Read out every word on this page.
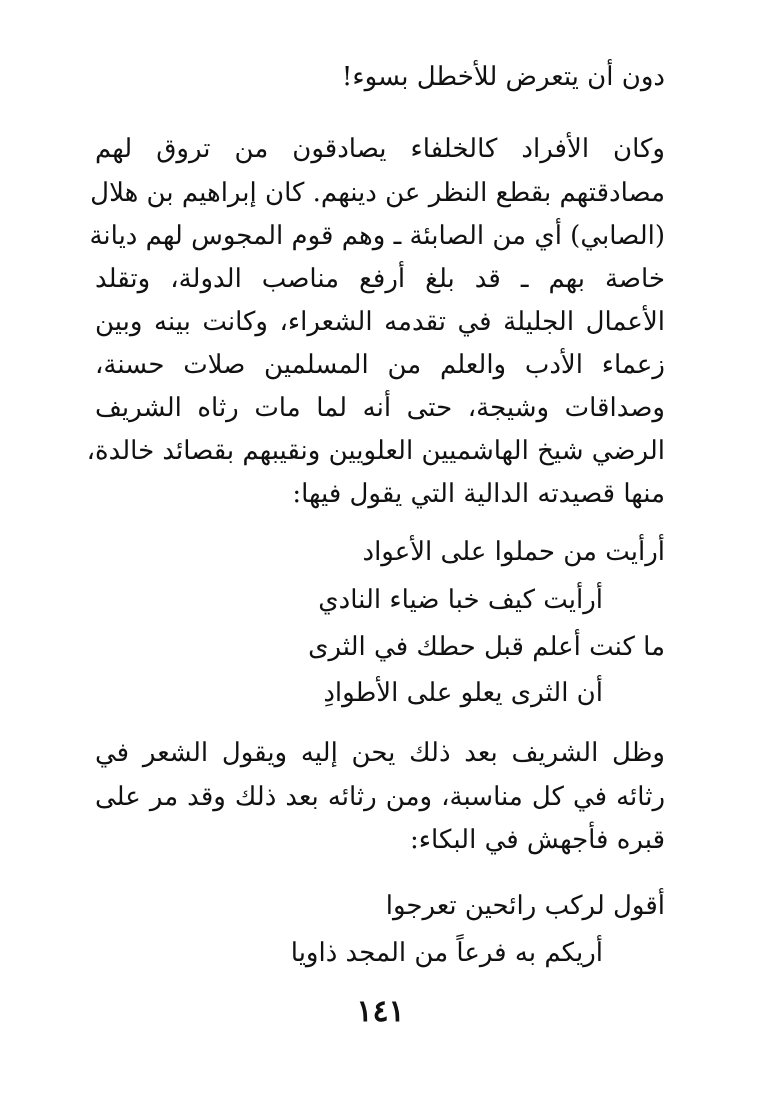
دون أن يتعرض للأخطل بسوء!
وكان الأفراد كالخلفاء يصادقون من تروق لهم
مصادقتهم بقطع النظر عن دينهم. كان إبراهيم بن هلال
(الصابي) أي من الصابئة ـ وهم قوم المجوس لهم ديانة
خاصة بهم ـ قد بلغ أرفع مناصب الدولة، وتقلد
الأعمال الجليلة في تقدمه الشعراء، وكانت بينه وبين
زعماء الأدب والعلم من المسلمين صلات حسنة،
وصداقات وشيجة، حتى أنه لما مات رثاه الشريف
الرضي شيخ الهاشميين العلويين ونقيبهم بقصائد خالدة،
منها قصيدته الدالية التي يقول فيها:
أرأيت من حملوا على الأعواد
أرأيت كيف خبا ضياء النادي
ما كنت أعلم قبل حطك في الثرى
أن الثرى يعلو على الأطوادِ
وظل الشريف بعد ذلك يحن إليه ويقول الشعر في
رثائه في كل مناسبة، ومن رثائه بعد ذلك وقد مر على
قبره فأجهش في البكاء:
أقول لركب رائحين تعرجوا
أريكم به فرعاً من المجد ذاويا
١٤١
